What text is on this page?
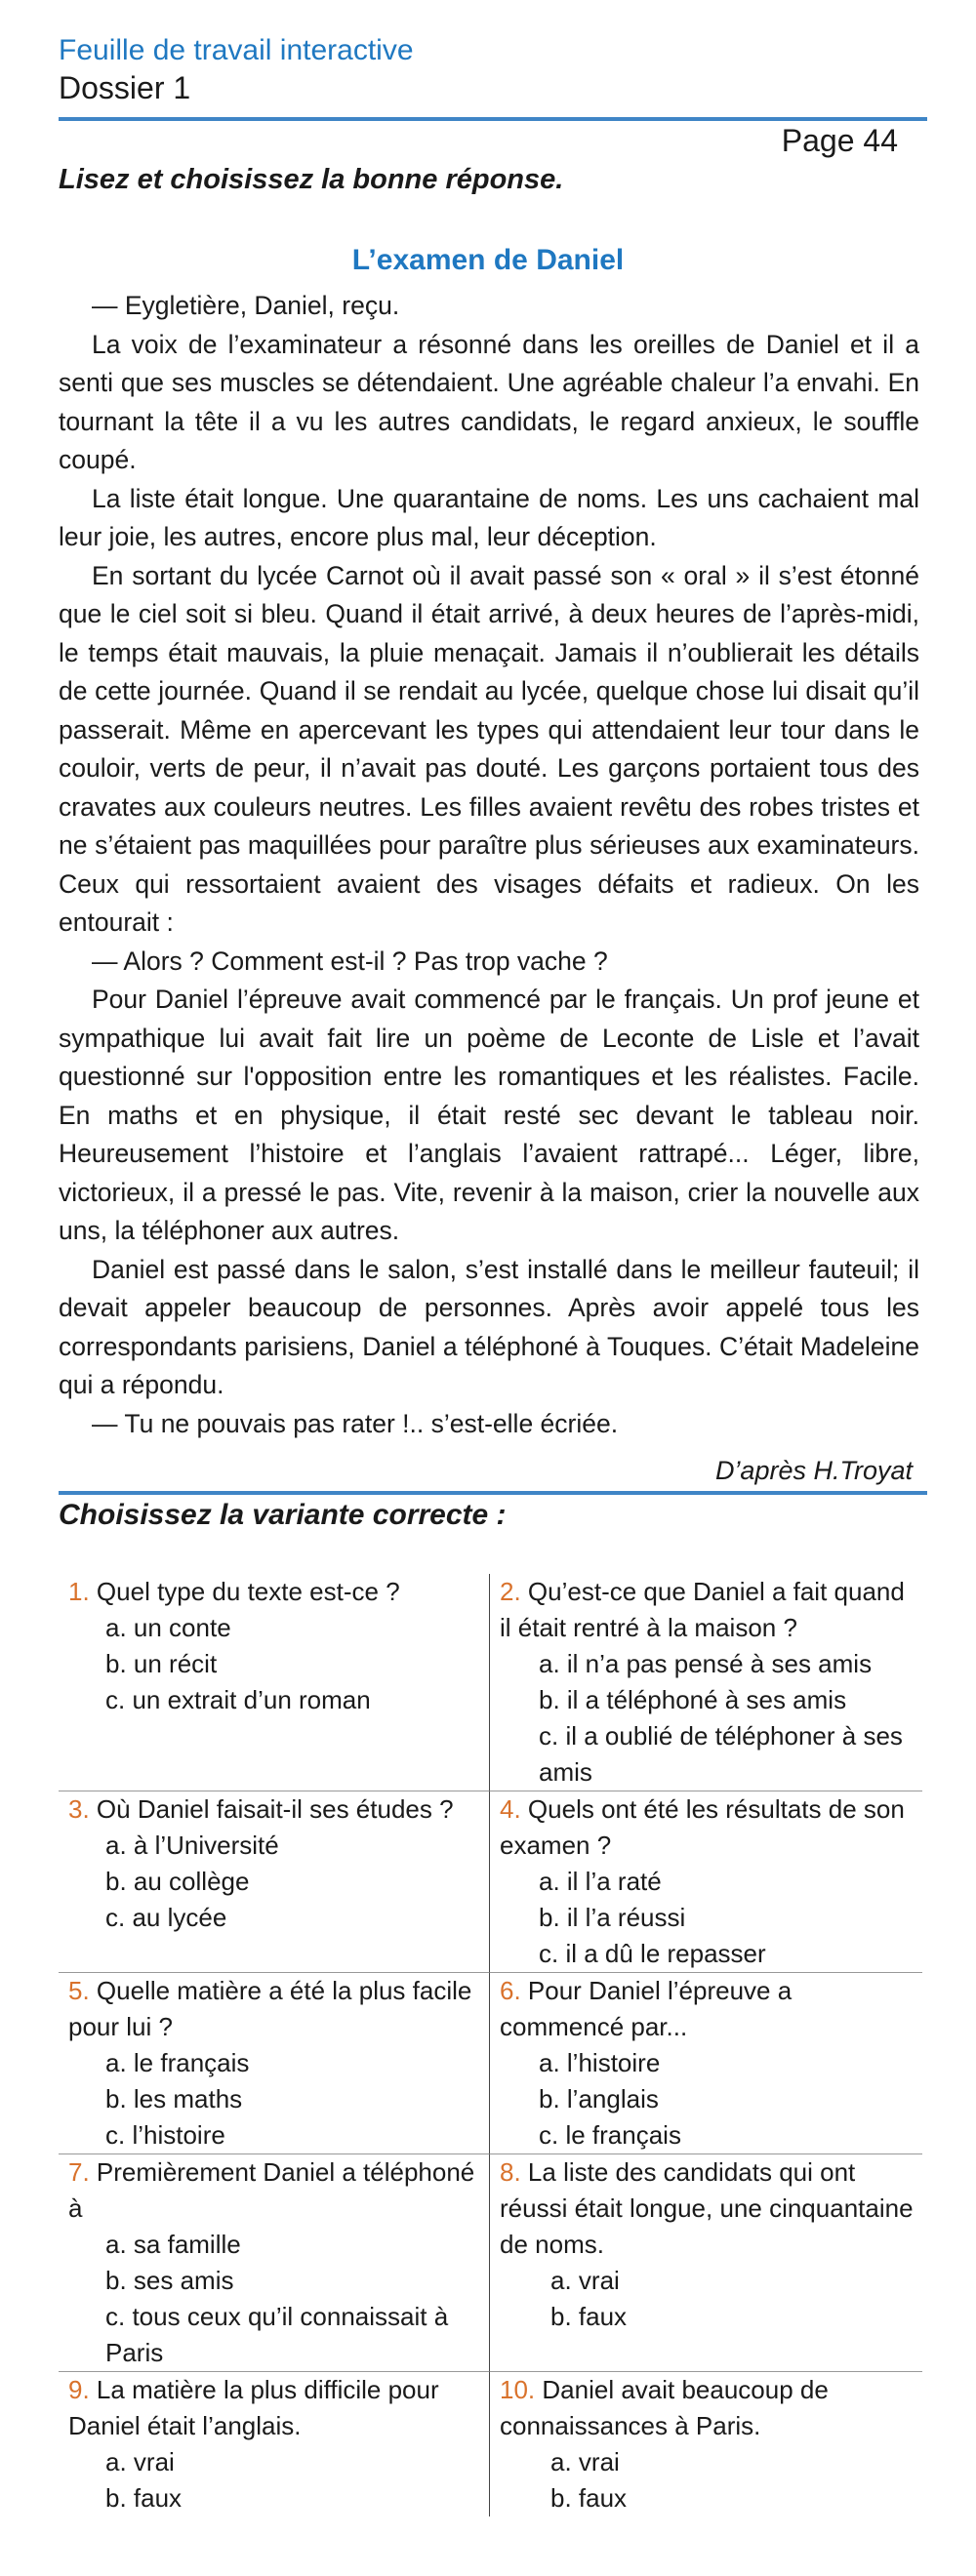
Feuille de travail interactive
Dossier 1
Page 44
Lisez et choisissez la bonne réponse.
L’examen de Daniel

— Eygletière, Daniel, reçu.

La voix de l’examinateur a résonné dans les oreilles de Daniel et il a senti que ses muscles se détendaient. Une agréable chaleur l’a envahi. En tournant la tête il a vu les autres candidats, le regard anxieux, le souffle coupé.

La liste était longue. Une quarantaine de noms. Les uns cachaient mal leur joie, les autres, encore plus mal, leur déception.

En sortant du lycée Carnot où il avait passé son « oral » il s’est étonné que le ciel soit si bleu. Quand il était arrivé, à deux heures de l’après-midi, le temps était mauvais, la pluie menaçait. Jamais il n’oublierait les détails de cette journée. Quand il se rendait au lycée, quelque chose lui disait qu’il passerait. Même en apercevant les types qui attendaient leur tour dans le couloir, verts de peur, il n’avait pas douté. Les garçons portaient tous des cravates aux couleurs neutres. Les filles avaient revêtu des robes tristes et ne s’étaient pas maquillées pour paraître plus sérieuses aux examinateurs. Ceux qui ressortaient avaient des visages défaits et radieux. On les entourait :

— Alors ? Comment est-il ? Pas trop vache ?

Pour Daniel l’épreuve avait commencé par le français. Un prof jeune et sympathique lui avait fait lire un poème de Leconte de Lisle et l’avait questionné sur l'opposition entre les romantiques et les réalistes. Facile. En maths et en physique, il était resté sec devant le tableau noir. Heureusement l’histoire et l’anglais l’avaient rattrapé... Léger, libre, victorieux, il a pressé le pas. Vite, revenir à la maison, crier la nouvelle aux uns, la téléphoner aux autres.

Daniel est passé dans le salon, s’est installé dans le meilleur fauteuil; il devait appeler beaucoup de personnes. Après avoir appelé tous les correspondants parisiens, Daniel a téléphoné à Touques. C’était Madeleine qui a répondu.

— Tu ne pouvais pas rater !.. s’est-elle écriée.

D’après H.Troyat
Choisissez la variante correcte :
1. Quel type du texte est-ce ?
a. un conte
b. un récit
c. un extrait d’un roman
2. Qu’est-ce que Daniel a fait quand il était rentré à la maison ?
a. il n’a pas pensé à ses amis
b. il a téléphoné à ses amis
c. il a oublié de téléphoner à ses amis
3. Où Daniel faisait-il ses études ?
a. à l’Université
b. au collège
c. au lycée
4. Quels ont été les résultats de son examen ?
a. il l’a raté
b. il l’a réussi
c. il a dû le repasser
5. Quelle matière a été la plus facile pour lui ?
a. le français
b. les maths
c. l’histoire
6. Pour Daniel l’épreuve a commencé par...
a. l’histoire
b. l’anglais
c. le français
7. Premièrement Daniel a téléphoné à
a. sa famille
b. ses amis
c. tous ceux qu’il connaissait à Paris
8. La liste des candidats qui ont réussi était longue, une cinquantaine de noms.
a. vrai
b. faux
9. La matière la plus difficile pour Daniel était l’anglais.
a. vrai
b. faux
10. Daniel avait beaucoup de connaissances à Paris.
a. vrai
b. faux
